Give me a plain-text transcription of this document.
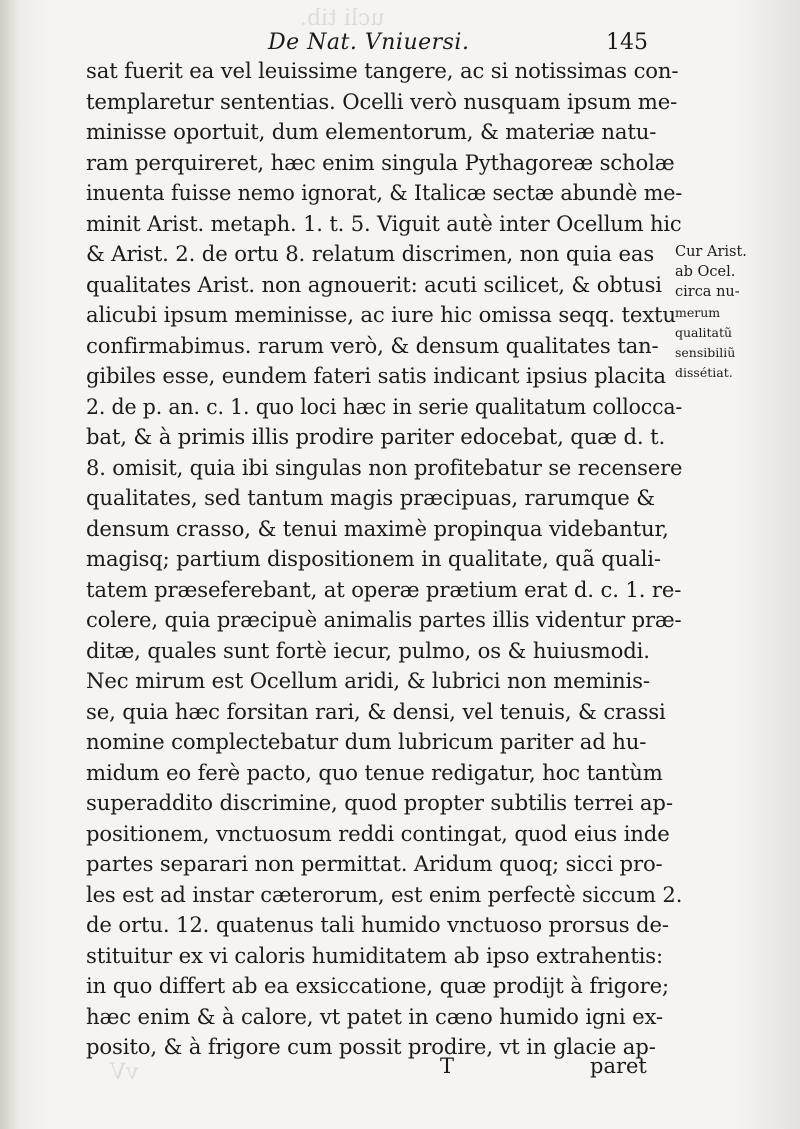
ucli tib.
vV
De Nat. Vniuersi.	145
sat fuerit ea vel leuissime tangere, ac si notissimas con-
templaretur sententias. Ocelli verò nusquam ipsum me-
minisse oportuit, dum elementorum, & materiæ natu-
ram perquireret, hæc enim singula Pythagoreæ scholæ
inuenta fuisse nemo ignorat, & Italicæ sectæ abundè me-
minit Arist. metaph. 1. t. 5. Viguit autè inter Ocellum hic
& Arist. 2. de ortu 8. relatum discrimen, non quia eas
qualitates Arist. non agnouerit: acuti scilicet, & obtusi
alicubi ipsum meminisse, ac iure hic omissa seqq. textu
confirmabimus. rarum verò, & densum qualitates tan-
gibiles esse, eundem fateri satis indicant ipsius placita
2. de p. an. c. 1. quo loci hæc in serie qualitatum collocca-
bat, & à primis illis prodire pariter edocebat, quæ d. t.
8. omisit, quia ibi singulas non profitebatur se recensere
qualitates, sed tantum magis præcipuas, rarumque &
densum crasso, & tenui maximè propinqua videbantur,
magisq; partium dispositionem in qualitate, quã quali-
tatem præseferebant, at operæ prætium erat d. c. 1. re-
colere, quia præcipuè animalis partes illis videntur præ-
ditæ, quales sunt fortè iecur, pulmo, os & huiusmodi.
Nec mirum est Ocellum aridi, & lubrici non meminis-
se, quia hæc forsitan rari, & densi, vel tenuis, & crassi
nomine complectebatur dum lubricum pariter ad hu-
midum eo ferè pacto, quo tenue redigatur, hoc tantùm
superaddito discrimine, quod propter subtilis terrei ap-
positionem, vnctuosum reddi contingat, quod eius inde
partes separari non permittat. Aridum quoq; sicci pro-
les est ad instar cæterorum, est enim perfectè siccum 2.
de ortu. 12. quatenus tali humido vnctuoso prorsus de-
stituitur ex vi caloris humiditatem ab ipso extrahentis:
in quo differt ab ea exsiccatione, quæ prodijt à frigore;
hæc enim & à calore, vt patet in cæno humido igni ex-
posito, & à frigore cum possit prodire, vt in glacie ap-
Cur Arist.
ab Ocel.
circa nu-
merum
qualitatũ
sensibiliũ
dissétiat.
T	paret
